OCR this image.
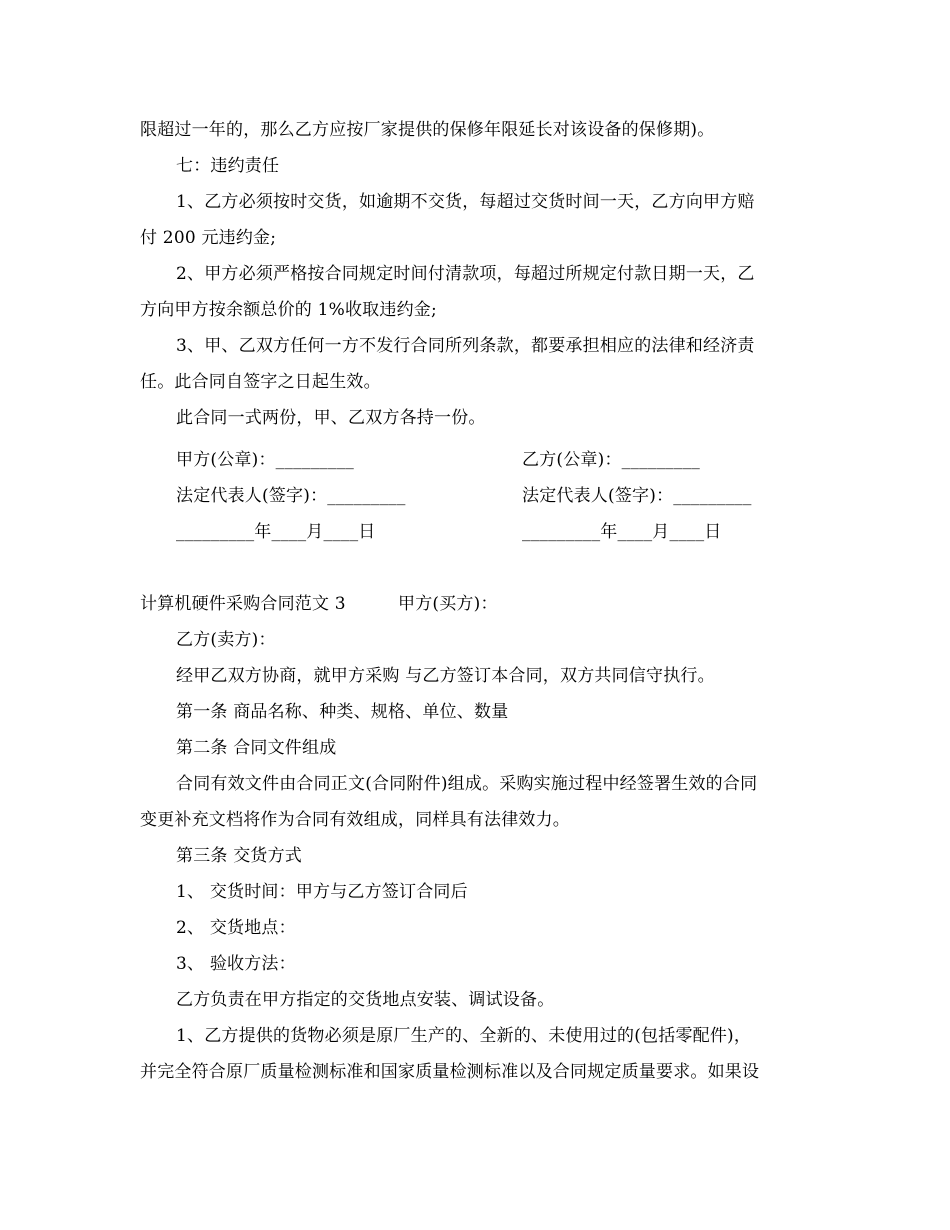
限超过一年的，那么乙方应按厂家提供的保修年限延长对该设备的保修期)。
七：违约责任
1、乙方必须按时交货，如逾期不交货，每超过交货时间一天，乙方向甲方赔
付 200 元违约金;
2、甲方必须严格按合同规定时间付清款项，每超过所规定付款日期一天，乙
方向甲方按余额总价的 1%收取违约金;
3、甲、乙双方任何一方不发行合同所列条款，都要承担相应的法律和经济责
任。此合同自签字之日起生效。
此合同一式两份，甲、乙双方各持一份。
甲方(公章)：_________	乙方(公章)：_________
法定代表人(签字)：_________	法定代表人(签字)：_________
_________年____月____日	_________年____月____日
计算机硬件采购合同范文 3	甲方(买方)：
乙方(卖方)：
经甲乙双方协商，就甲方采购 与乙方签订本合同，双方共同信守执行。
第一条 商品名称、种类、规格、单位、数量
第二条 合同文件组成
合同有效文件由合同正文(合同附件)组成。采购实施过程中经签署生效的合同
变更补充文档将作为合同有效组成，同样具有法律效力。
第三条 交货方式
1、 交货时间：甲方与乙方签订合同后
2、 交货地点：
3、 验收方法：
乙方负责在甲方指定的交货地点安装、调试设备。
1、乙方提供的货物必须是原厂生产的、全新的、未使用过的(包括零配件)，
并完全符合原厂质量检测标准和国家质量检测标准以及合同规定质量要求。如果设
